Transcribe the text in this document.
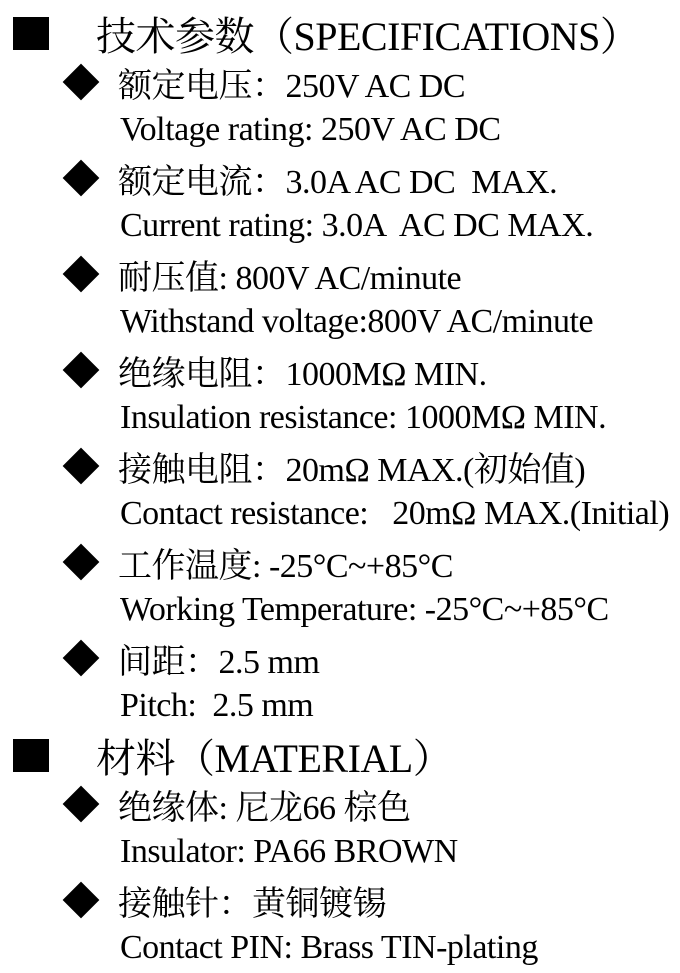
技术参数（SPECIFICATIONS）
额定电压：250V AC DC
Voltage rating: 250V AC DC
额定电流：3.0A AC DC  MAX.
Current rating: 3.0A  AC DC MAX.
耐压值: 800V AC/minute
Withstand voltage:800V AC/minute
绝缘电阻：1000MΩ MIN.
Insulation resistance: 1000MΩ MIN.
接触电阻：20mΩ MAX.(初始值)
Contact resistance:   20mΩ MAX.(Initial)
工作温度: -25°C~+85°C
Working Temperature: -25°C~+85°C
间距：2.5 mm
Pitch:  2.5 mm
材料（MATERIAL）
绝缘体: 尼龙66 棕色
Insulator: PA66 BROWN
接触针：黄铜镀锡
Contact PIN: Brass TIN-plating
